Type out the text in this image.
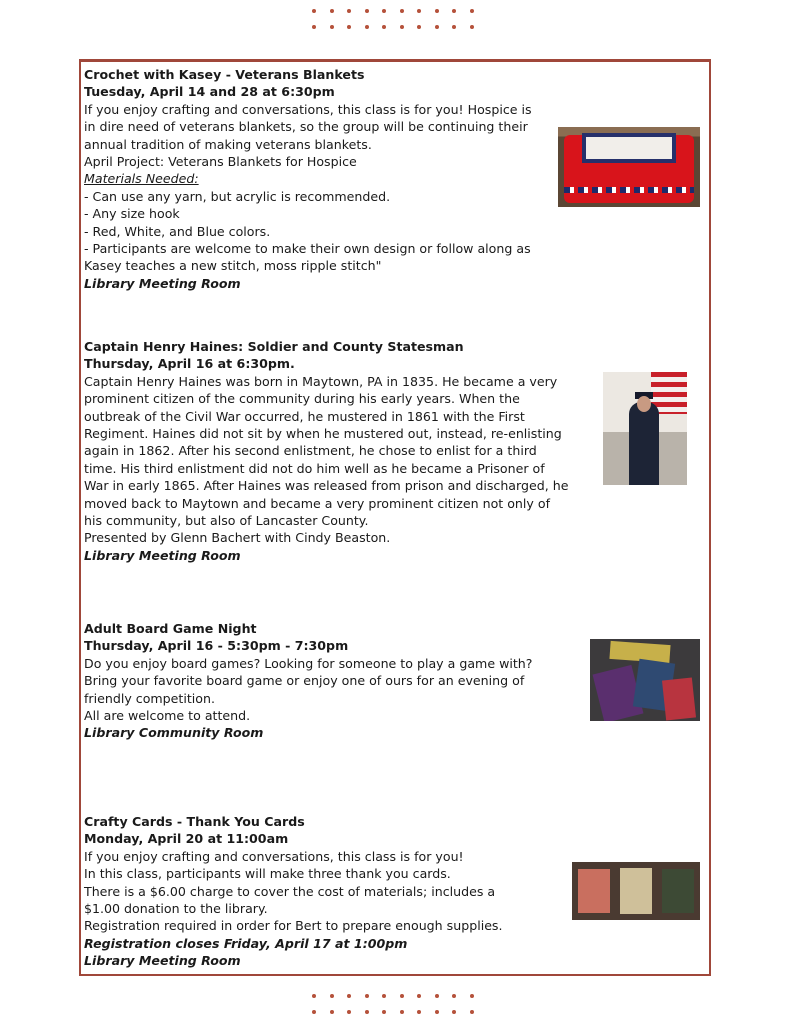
Crochet with Kasey - Veterans Blankets

Tuesday, April 14 and 28 at 6:30pm

If you enjoy crafting and conversations, this class is for you! Hospice is

in dire need of veterans blankets, so the group will be continuing their

annual tradition of making veterans blankets.

April Project: Veterans Blankets for Hospice

Materials Needed:

- Can use any yarn, but acrylic is recommended.

- Any size hook

- Red, White, and Blue colors.

- Participants are welcome to make their own design or follow along as

Kasey teaches a new stitch, moss ripple stitch"

Library Meeting Room

Captain Henry Haines: Soldier and County Statesman

Thursday, April 16 at 6:30pm.

Captain Henry Haines was born in Maytown, PA in 1835. He became a very

prominent citizen of the community during his early years. When the

outbreak of the Civil War occurred, he mustered in 1861 with the First

Regiment. Haines did not sit by when he mustered out, instead, re-enlisting

again in 1862. After his second enlistment, he chose to enlist for a third

time. His third enlistment did not do him well as he became a Prisoner of

War in early 1865. After Haines was released from prison and discharged, he

moved back to Maytown and became a very prominent citizen not only of

his community, but also of Lancaster County.

Presented by Glenn Bachert with Cindy Beaston.

Library Meeting Room

Adult Board Game Night

Thursday, April 16 - 5:30pm - 7:30pm

Do you enjoy board games? Looking for someone to play a game with?

Bring your favorite board game or enjoy one of ours for an evening of

friendly competition.

All are welcome to attend.

Library Community Room

Crafty Cards - Thank You Cards

Monday, April 20 at 11:00am

If you enjoy crafting and conversations, this class is for you!

In this class, participants will make three thank you cards.

There is a $6.00 charge to cover the cost of materials; includes a

$1.00 donation to the library.

Registration required in order for Bert to prepare enough supplies.

Registration closes Friday, April 17 at 1:00pm

Library Meeting Room
